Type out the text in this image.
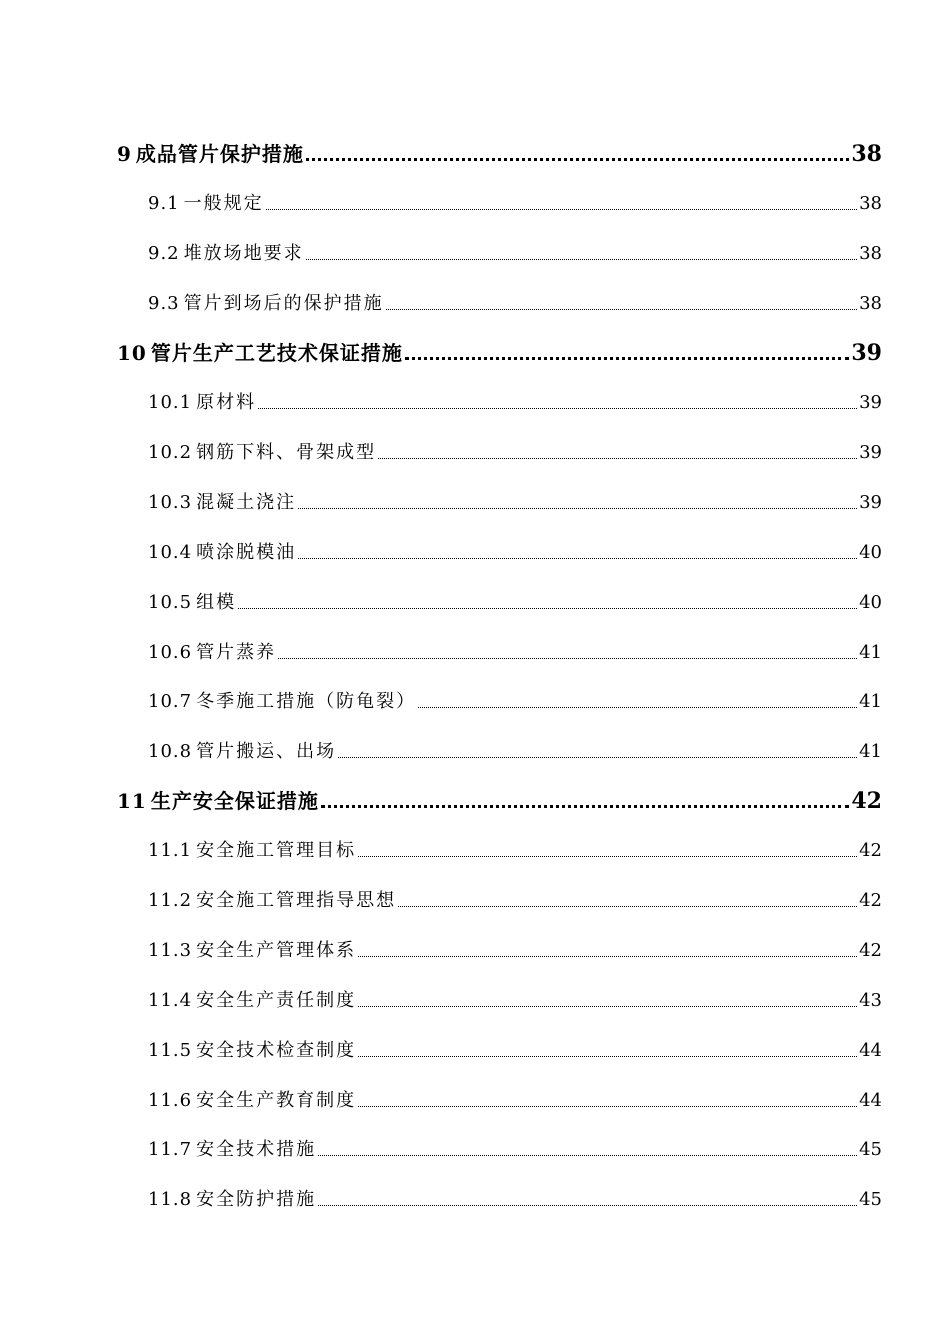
9 成品管片保护措施	38
9.1 一般规定	38
9.2 堆放场地要求	38
9.3 管片到场后的保护措施	38
10 管片生产工艺技术保证措施	39
10.1 原材料	39
10.2 钢筋下料、骨架成型	39
10.3 混凝土浇注	39
10.4 喷涂脱模油	40
10.5 组模	40
10.6 管片蒸养	41
10.7 冬季施工措施（防龟裂）	41
10.8 管片搬运、出场	41
11 生产安全保证措施	42
11.1 安全施工管理目标	42
11.2 安全施工管理指导思想	42
11.3 安全生产管理体系	42
11.4 安全生产责任制度	43
11.5 安全技术检查制度	44
11.6 安全生产教育制度	44
11.7 安全技术措施	45
11.8 安全防护措施	45
